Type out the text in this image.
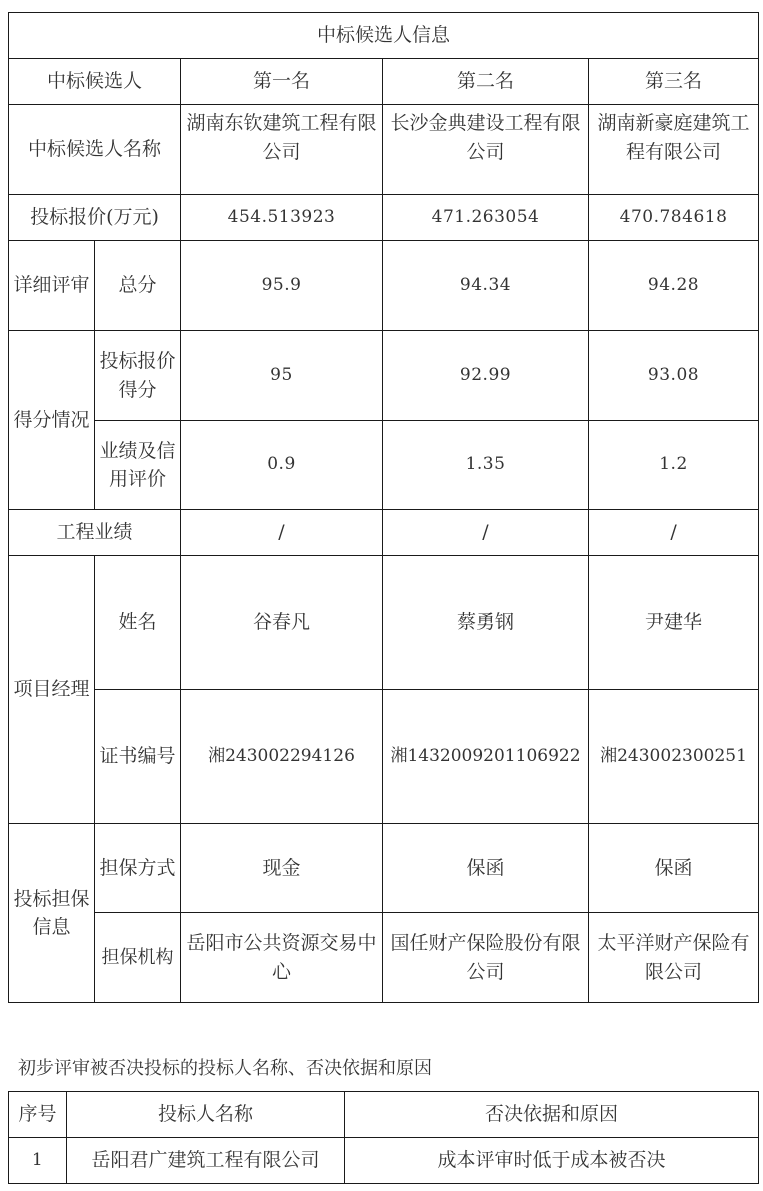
中标候选人信息				
中标候选人		第一名	第二名	第三名
中标候选人名称		湖南东钦建筑工程有限公司	长沙金典建设工程有限公司	湖南新豪庭建筑工程有限公司
投标报价(万元)		454.513923	471.263054	470.784618
详细评审	总分	95.9	94.34	94.28
得分情况	投标报价得分	95	92.99	93.08
	业绩及信用评价	0.9	1.35	1.2
工程业绩		/	/	/
项目经理	姓名	谷春凡	蔡勇钢	尹建华
	证书编号	湘243002294126	湘1432009201106922	湘243002300251
投标担保信息	担保方式	现金	保函	保函
	担保机构	岳阳市公共资源交易中心	国任财产保险股份有限公司	太平洋财产保险有限公司
初步评审被否决投标的投标人名称、否决依据和原因
序号	投标人名称	否决依据和原因
1	岳阳君广建筑工程有限公司	成本评审时低于成本被否决
